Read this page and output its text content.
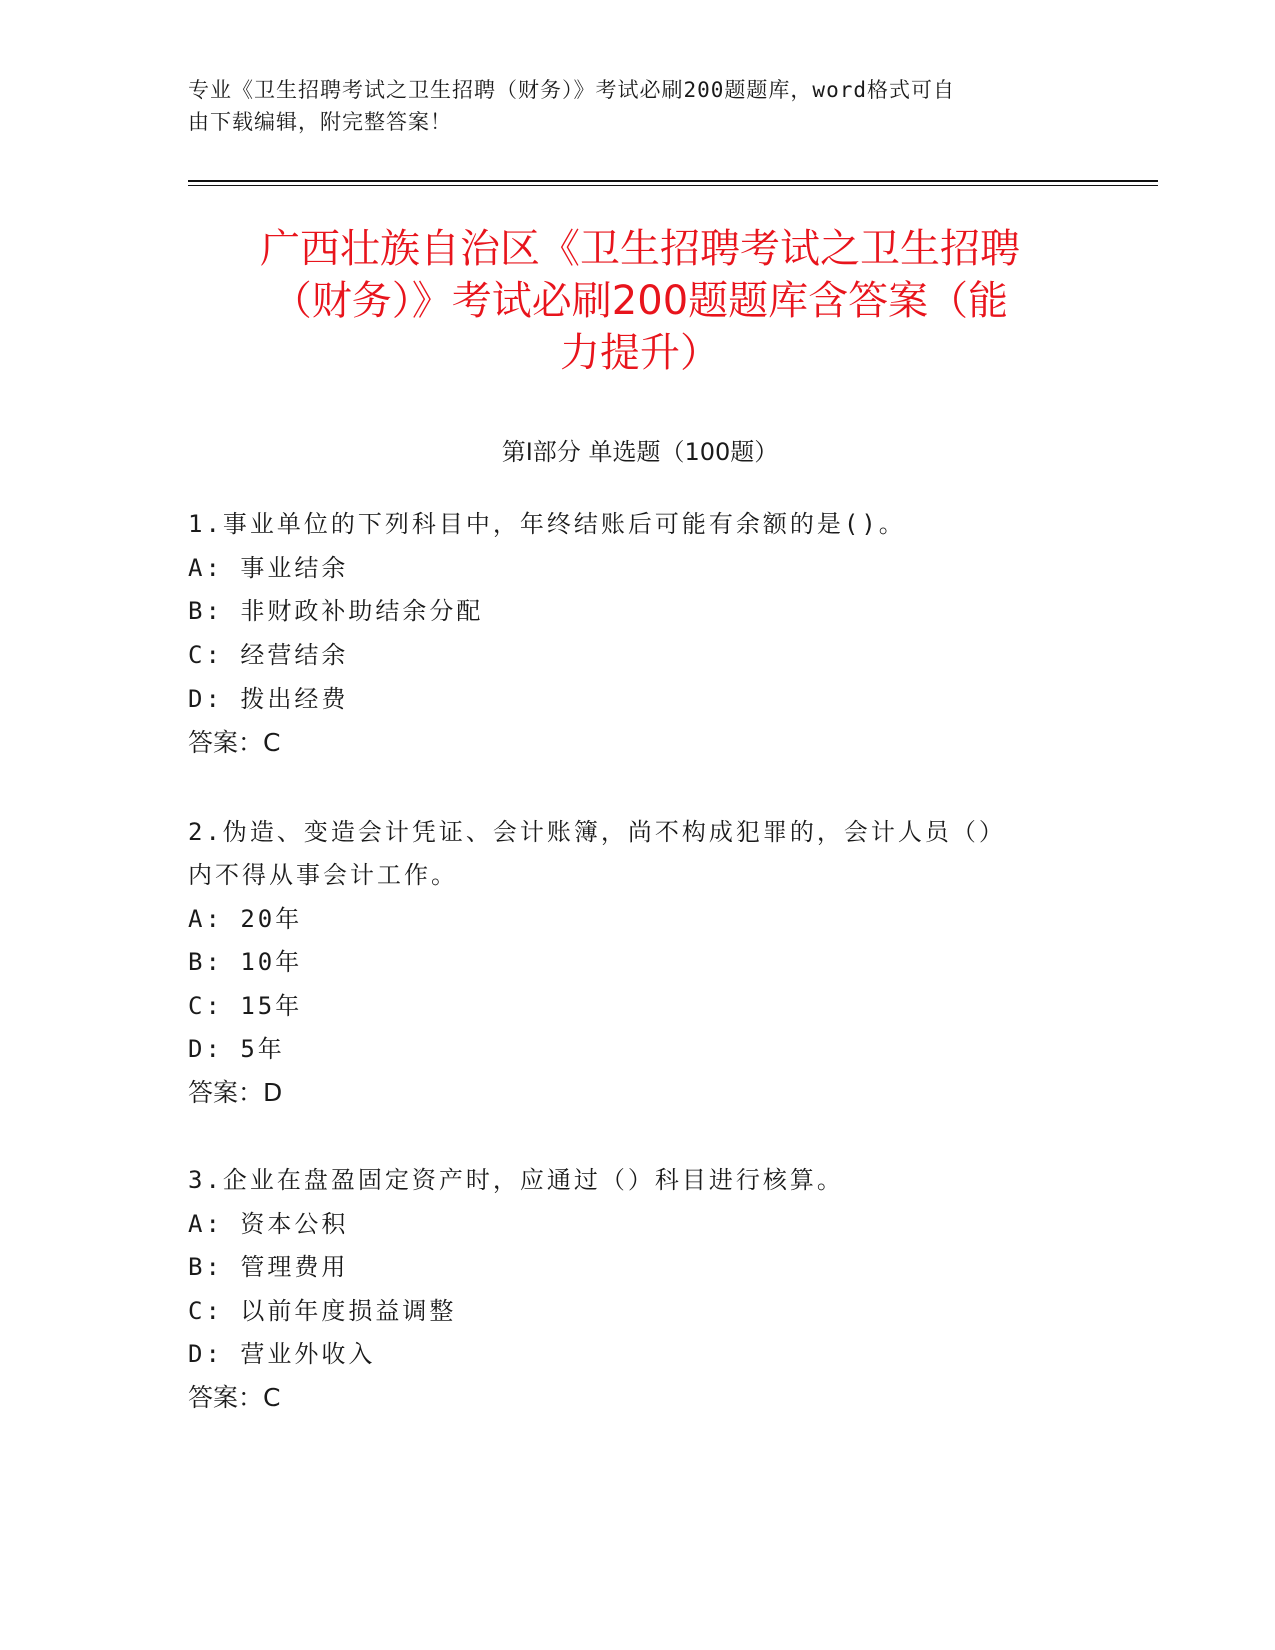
专业《卫生招聘考试之卫生招聘（财务）》考试必刷200题题库，word格式可自
由下载编辑，附完整答案！
广西壮族自治区《卫生招聘考试之卫生招聘
（财务）》考试必刷200题题库含答案（能
力提升）
第Ⅰ部分 单选题（100题）
1.事业单位的下列科目中，年终结账后可能有余额的是()。
A: 事业结余
B: 非财政补助结余分配
C: 经营结余
D: 拨出经费
答案：C
2.伪造、变造会计凭证、会计账簿，尚不构成犯罪的，会计人员（）
内不得从事会计工作。
A: 20年
B: 10年
C: 15年
D: 5年
答案：D
3.企业在盘盈固定资产时，应通过（）科目进行核算。
A: 资本公积
B: 管理费用
C: 以前年度损益调整
D: 营业外收入
答案：C
